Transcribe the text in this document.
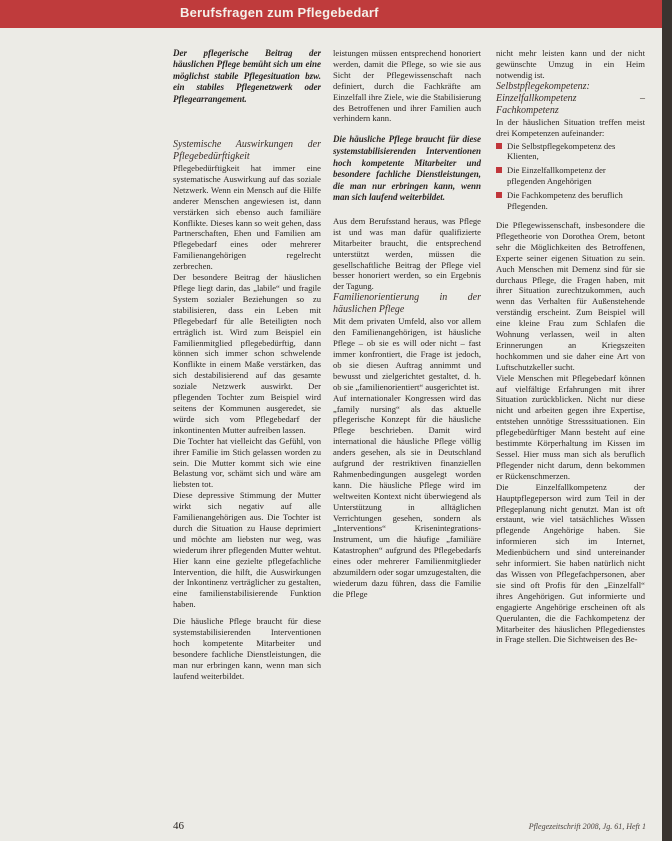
Berufsfragen zum Pflegebedarf

Der pflegerische Beitrag der häuslichen Pflege bemüht sich um eine möglichst stabile Pflegesituation bzw. ein stabiles Pflegenetzwerk oder Pflegearrangement.

Systemische Auswirkungen der Pflegebedürftigkeit

Pflegebedürftigkeit hat immer eine systematische Auswirkung auf das soziale Netzwerk. Wenn ein Mensch auf die Hilfe anderer Menschen angewiesen ist, dann verstärken sich ebenso auch familiäre Konflikte. Dieses kann so weit gehen, dass Partnerschaften, Ehen und Familien am Pflegebedarf eines oder mehrerer Familienangehörigen regelrecht zerbrechen.

Der besondere Beitrag der häuslichen Pflege liegt darin, das „labile“ und fragile System sozialer Beziehungen so zu stabilisieren, dass ein Leben mit Pflegebedarf für alle Beteiligten noch erträglich ist. Wird zum Beispiel ein Familienmitglied pflegebedürftig, dann können sich immer schon schwelende Konflikte in einem Maße verstärken, das sich destabilisierend auf das gesamte soziale Netzwerk auswirkt. Der pflegenden Tochter zum Beispiel wird seitens der Kommunen ausgeredet, sie würde sich vom Pflegebedarf der inkontinenten Mutter aufreiben lassen.

Die Tochter hat vielleicht das Gefühl, von ihrer Familie im Stich gelassen worden zu sein. Die Mutter kommt sich wie eine Belastung vor, schämt sich und wäre am liebsten tot.

Diese depressive Stimmung der Mutter wirkt sich negativ auf alle Familienangehörigen aus. Die Tochter ist durch die Situation zu Hause deprimiert und möchte am liebsten nur weg, was wiederum ihrer pflegenden Mutter wehtut. Hier kann eine gezielte pflegefachliche Intervention, die hilft, die Auswirkungen der Inkontinenz verträglicher zu gestalten, eine familienstabilisierende Funktion haben.

Die häusliche Pflege braucht für diese systemstabilisierenden Interventionen hoch kompetente Mitarbeiter und besondere fachliche Dienstleistungen, die man nur erbringen kann, wenn man sich laufend weiterbildet.

leistungen müssen entsprechend honoriert werden, damit die Pflege, so wie sie aus Sicht der Pflegewissenschaft nach definiert, durch die Fachkräfte am Einzelfall ihre Ziele, wie die Stabilisierung des Betroffenen und ihrer Familien auch verhindern kann.

Die häusliche Pflege braucht für diese systemstabilisierenden Interventionen hoch kompetente Mitarbeiter und besondere fachliche Dienstleistungen, die man nur erbringen kann, wenn man sich laufend weiterbildet.

Aus dem Berufsstand heraus, was Pflege ist und was man dafür qualifizierte Mitarbeiter braucht, die entsprechend unterstützt werden, müssen die gesellschaftliche Beitrag der Pflege viel besser honoriert werden, so ein Ergebnis der Tagung.

Familienorientierung in der häuslichen Pflege

Mit dem privaten Umfeld, also vor allem den Familienangehörigen, ist häusliche Pflege – ob sie es will oder nicht – fast immer konfrontiert, die Frage ist jedoch, ob sie diesen Auftrag annimmt und bewusst und zielgerichtet gestaltet, d. h. ob sie „familienorientiert“ ausgerichtet ist.

Auf internationaler Kongressen wird das „family nursing“ als das aktuelle pflegerische Konzept für die häusliche Pflege beschrieben. Damit wird international die häusliche Pflege völlig anders gesehen, als sie in Deutschland aufgrund der restriktiven finanziellen Rahmenbedingungen ausgelegt worden kann. Die häusliche Pflege wird im weltweiten Kontext nicht überwiegend als Unterstützung in alltäglichen Verrichtungen gesehen, sondern als „Interventions“ Krisenintegrations-Instrument, um die häufige „familiäre Katastrophen“ aufgrund des Pflegebedarfs eines oder mehrerer Familienmitglieder abzumildern oder sogar umzugestalten, die wiederum dazu führen, dass die Familie die Pflege

nicht mehr leisten kann und der nicht gewünschte Umzug in ein Heim notwendig ist.

Selbstpflegekompetenz: Einzelfallkompetenz – Fachkompetenz

In der häuslichen Situation treffen meist drei Kompetenzen aufeinander:

Die Selbstpflegekompetenz des Klienten,
Die Einzelfallkompetenz der pflegenden Angehörigen
Die Fachkompetenz des beruflich Pflegenden.

Die Pflegewissenschaft, insbesondere die Pflegetheorie von Dorothea Orem, betont sehr die Möglichkeiten des Betroffenen, Experte seiner eigenen Situation zu sein. Auch Menschen mit Demenz sind für sie durchaus Pflege, die Fragen haben, mit ihrer Situation zurechtzukommen, auch wenn das Verhalten für Außenstehende verständig erscheint. Zum Beispiel will eine kleine Frau zum Schlafen die Wohnung verlassen, weil in alten Erinnerungen an Kriegszeiten hochkommen und sie daher eine Art von Luftschutzkeller sucht.

Viele Menschen mit Pflegebedarf können auf vielfältige Erfahrungen mit ihrer Situation zurückblicken. Nicht nur diese nicht und arbeiten gegen ihre Expertise, entstehen unnötige Stresssituationen. Ein pflegebedürftiger Mann besteht auf eine bestimmte Körperhaltung im Kissen im Sessel. Hier muss man sich als beruflich Pflegender nicht darum, denn bekommen er Rückenschmerzen.

Die Einzelfallkompetenz der Hauptpflegeperson wird zum Teil in der Pflegeplanung nicht genutzt. Man ist oft erstaunt, wie viel tatsächliches Wissen pflegende Angehörige haben. Sie informieren sich im Internet, Medienbüchern und sind untereinander sehr informiert. Sie haben natürlich nicht das Wissen von Pflegefachpersonen, aber sie sind oft Profis für den „Einzelfall“ ihres Angehörigen. Gut informierte und engagierte Angehörige erscheinen oft als Querulanten, die die Fachkompetenz der Mitarbeiter des häuslichen Pflegedienstes in Frage stellen. Die Sichtweisen des Be-

46	Pflegezeitschrift 2008, Jg. 61, Heft 1
